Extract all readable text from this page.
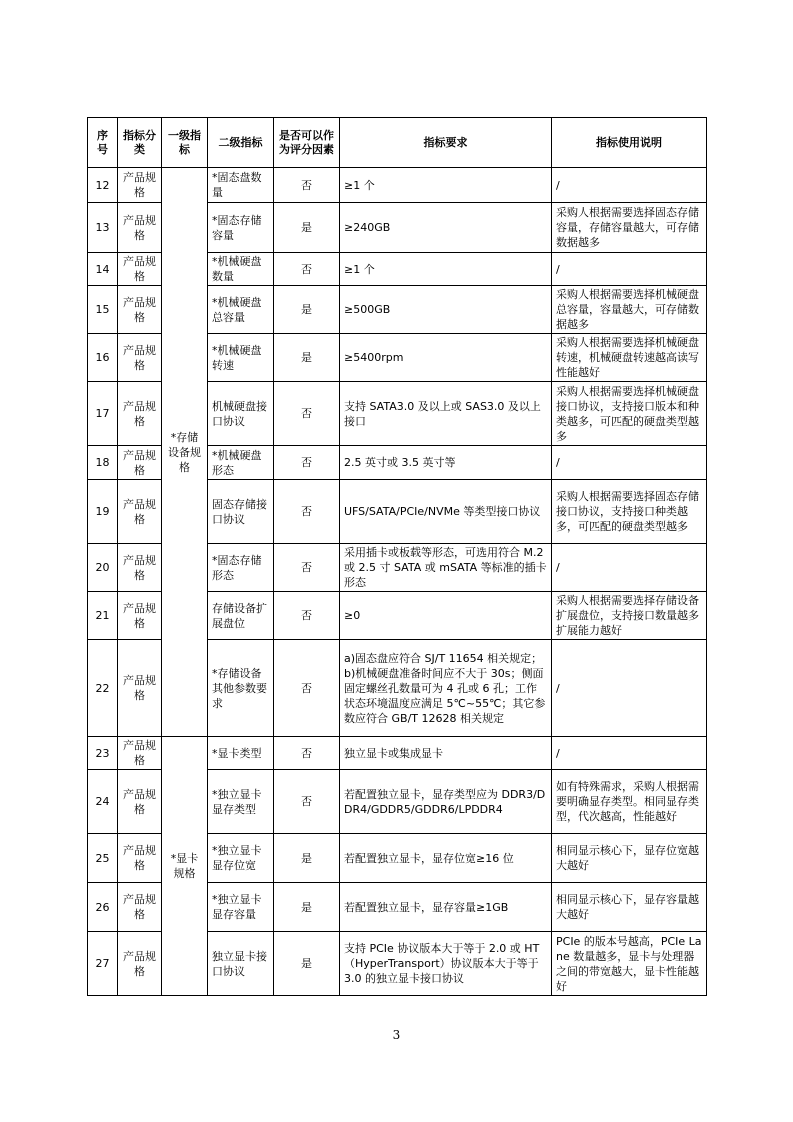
序号	指标分类	一级指标	二级指标	是否可以作为评分因素	指标要求	指标使用说明
12	产品规格	*存储设备规格	*固态盘数量	否	≥1 个	/
13	产品规格		*固态存储容量	是	≥240GB	采购人根据需要选择固态存储容量，存储容量越大，可存储数据越多
14	产品规格		*机械硬盘数量	否	≥1 个	/
15	产品规格		*机械硬盘总容量	是	≥500GB	采购人根据需要选择机械硬盘总容量，容量越大，可存储数据越多
16	产品规格		*机械硬盘转速	是	≥5400rpm	采购人根据需要选择机械硬盘转速，机械硬盘转速越高读写性能越好
17	产品规格		机械硬盘接口协议	否	支持 SATA3.0 及以上或 SAS3.0 及以上接口	采购人根据需要选择机械硬盘接口协议，支持接口版本和种类越多，可匹配的硬盘类型越多
18	产品规格		*机械硬盘形态	否	2.5 英寸或 3.5 英寸等	/
19	产品规格		固态存储接口协议	否	UFS/SATA/PCIe/NVMe 等类型接口协议	采购人根据需要选择固态存储接口协议，支持接口种类越多，可匹配的硬盘类型越多
20	产品规格		*固态存储形态	否	采用插卡或板载等形态，可选用符合 M.2 或 2.5 寸 SATA 或 mSATA 等标准的插卡形态	/
21	产品规格		存储设备扩展盘位	否	≥0	采购人根据需要选择存储设备扩展盘位，支持接口数量越多扩展能力越好
22	产品规格		*存储设备其他参数要求	否	a)固态盘应符合 SJ/T 11654 相关规定；
b)机械硬盘准备时间应不大于 30s；侧面固定螺丝孔数量可为 4 孔或 6 孔；工作状态环境温度应满足 5℃~55℃；其它参数应符合 GB/T 12628 相关规定	/
23	产品规格	*显卡规格	*显卡类型	否	独立显卡或集成显卡	/
24	产品规格		*独立显卡显存类型	否	若配置独立显卡，显存类型应为 DDR3/DDR4/GDDR5/GDDR6/LPDDR4	如有特殊需求，采购人根据需要明确显存类型。相同显存类型，代次越高，性能越好
25	产品规格		*独立显卡显存位宽	是	若配置独立显卡，显存位宽≥16 位	相同显示核心下，显存位宽越大越好
26	产品规格		*独立显卡显存容量	是	若配置独立显卡，显存容量≥1GB	相同显示核心下，显存容量越大越好
27	产品规格		独立显卡接口协议	是	支持 PCIe 协议版本大于等于 2.0 或 HT（HyperTransport）协议版本大于等于 3.0 的独立显卡接口协议	PCIe 的版本号越高，PCIe Lane 数量越多，显卡与处理器之间的带宽越大，显卡性能越好
3
